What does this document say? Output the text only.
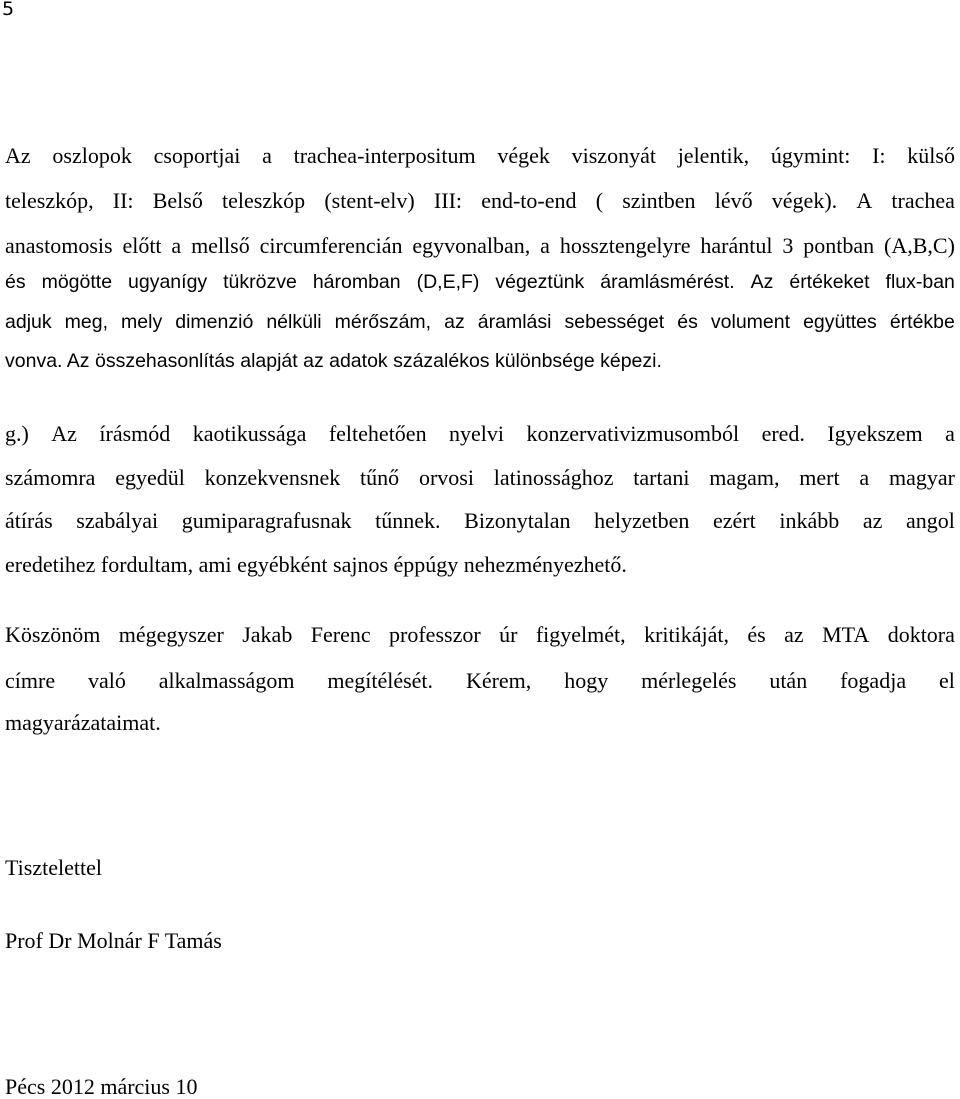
5
Az oszlopok csoportjai a trachea-interpositum végek viszonyát jelentik, úgymint: I: külső
teleszkóp, II: Belső teleszkóp (stent-elv) III: end-to-end ( szintben lévő végek). A trachea
anastomosis előtt a mellső circumferencián egyvonalban, a hossztengelyre harántul 3 pontban (A,B,C)
és mögötte ugyanígy tükrözve háromban (D,E,F) végeztünk áramlásmérést. Az értékeket flux-ban
adjuk meg, mely dimenzió nélküli mérőszám, az áramlási sebességet és volument együttes értékbe
vonva. Az összehasonlítás alapját az adatok százalékos különbsége képezi.
g.) Az írásmód kaotikussága feltehetően nyelvi konzervativizmusomból ered. Igyekszem a
számomra egyedül konzekvensnek tűnő orvosi latinossághoz tartani magam, mert a magyar
átírás szabályai gumiparagrafusnak tűnnek. Bizonytalan helyzetben ezért inkább az angol
eredetihez fordultam, ami egyébként sajnos éppúgy nehezményezhető.
Köszönöm mégegyszer Jakab Ferenc professzor úr figyelmét, kritikáját, és az MTA doktora
címre való alkalmasságom megítélését. Kérem, hogy mérlegelés után fogadja el
magyarázataimat.
Tisztelettel
Prof Dr Molnár F Tamás
Pécs 2012 március 10
